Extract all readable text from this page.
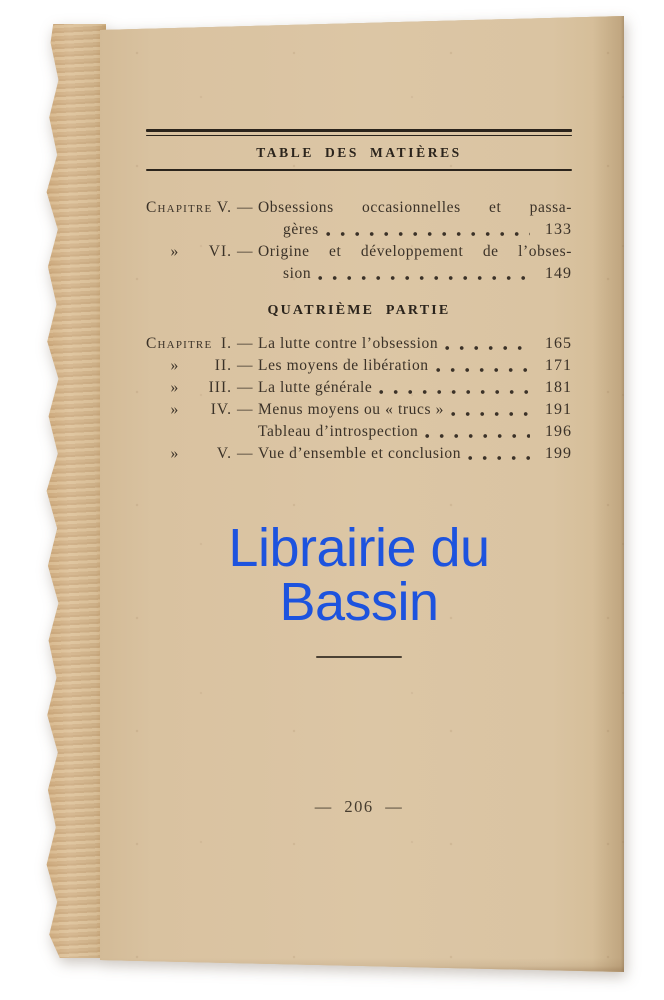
TABLE DES MATIÈRES
Chapitre V. — Obsessions occasionnelles et passa-
gères	133
»	VI. — Origine et développement de l’obses-
sion	149
QUATRIÈME PARTIE
Chapitre I. — La lutte contre l’obsession	165
»	II. — Les moyens de libération	171
»	III. — La lutte générale	181
»	IV. — Menus moyens ou « trucs »	191
Tableau d’introspection	196
»	V. — Vue d’ensemble et conclusion	199
Librairie du Bassin
— 206 —
